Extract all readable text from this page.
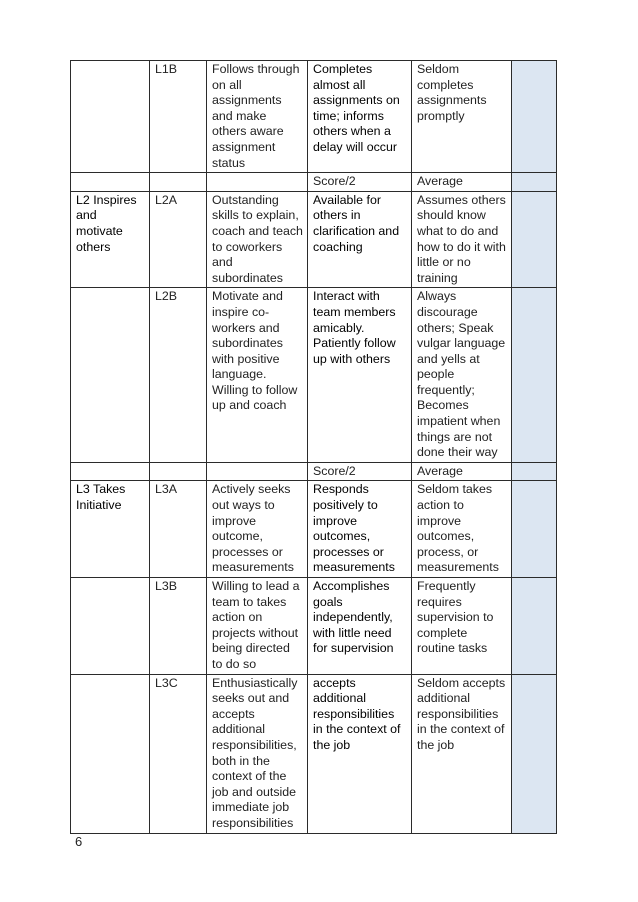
	L1B	Follows through on all assignments and make others aware assignment status	Completes almost all assignments on time; informs others when a delay will occur	Seldom completes assignments promptly	
			Score/2	Average	
L2 Inspires and motivate others	L2A	Outstanding skills to explain, coach and teach to coworkers and subordinates	Available for others in clarification and coaching	Assumes others should know what to do and how to do it with little or no training	
	L2B	Motivate and inspire co-workers and subordinates with positive language. Willing to follow up and coach	Interact with team members amicably. Patiently follow up with others	Always discourage others; Speak vulgar language and yells at people frequently; Becomes impatient when things are not done their way	
			Score/2	Average	
L3 Takes Initiative	L3A	Actively seeks out ways to improve outcome, processes or measurements	Responds positively to improve outcomes, processes or measurements	Seldom takes action to improve outcomes, process, or measurements	
	L3B	Willing to lead a team to takes action on projects without being directed to do so	Accomplishes goals independently, with little need for supervision	Frequently requires supervision to complete routine tasks	
	L3C	Enthusiastically seeks out and accepts additional responsibilities, both in the context of the job and outside immediate job responsibilities	accepts additional responsibilities in the context of the job	Seldom accepts additional responsibilities in the context of the job	
6
